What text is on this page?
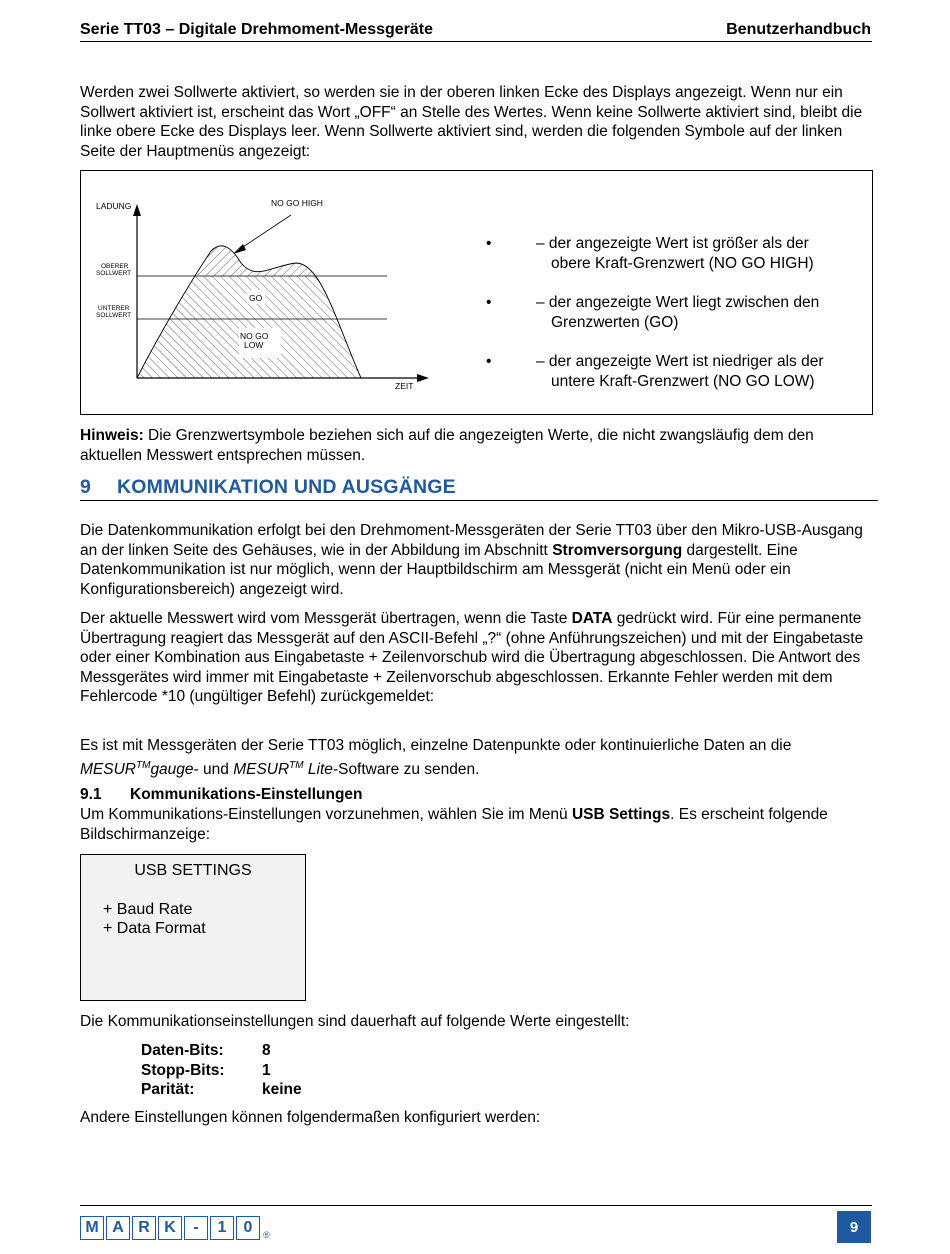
Serie TT03 – Digitale Drehmoment-Messgeräte	Benutzerhandbuch

Werden zwei Sollwerte aktiviert, so werden sie in der oberen linken Ecke des Displays angezeigt. Wenn nur ein Sollwert aktiviert ist, erscheint das Wort „OFF“ an Stelle des Wertes. Wenn keine Sollwerte aktiviert sind, bleibt die linke obere Ecke des Displays leer. Wenn Sollwerte aktiviert sind, werden die folgenden Symbole auf der linken Seite der Hauptmenüs angezeigt:

LADUNG
ZEIT
OBERER
SOLLWERT
UNTERER
SOLLWERT
NO GO HIGH
GO
NO GO
LOW
•	– der angezeigte Wert ist größer als der
obere Kraft-Grenzwert (NO GO HIGH)
•	– der angezeigte Wert liegt zwischen den
Grenzwerten (GO)
•	– der angezeigte Wert ist niedriger als der
untere Kraft-Grenzwert (NO GO LOW)

Hinweis: Die Grenzwertsymbole beziehen sich auf die angezeigten Werte, die nicht zwangsläufig dem den aktuellen Messwert entsprechen müssen.

9 KOMMUNIKATION UND AUSGÄNGE

Die Datenkommunikation erfolgt bei den Drehmoment-Messgeräten der Serie TT03 über den Mikro-USB-Ausgang an der linken Seite des Gehäuses, wie in der Abbildung im Abschnitt Stromversorgung dargestellt. Eine Datenkommunikation ist nur möglich, wenn der Hauptbildschirm am Messgerät (nicht ein Menü oder ein Konfigurationsbereich) angezeigt wird.

Der aktuelle Messwert wird vom Messgerät übertragen, wenn die Taste DATA gedrückt wird. Für eine permanente Übertragung reagiert das Messgerät auf den ASCII-Befehl „?“ (ohne Anführungszeichen) und mit der Eingabetaste oder einer Kombination aus Eingabetaste + Zeilenvorschub wird die Übertragung abgeschlossen. Die Antwort des Messgerätes wird immer mit Eingabetaste + Zeilenvorschub abgeschlossen. Erkannte Fehler werden mit dem Fehlercode *10 (ungültiger Befehl) zurückgemeldet:

Es ist mit Messgeräten der Serie TT03 möglich, einzelne Datenpunkte oder kontinuierliche Daten an die MESUR™gauge- und MESUR™ Lite-Software zu senden.

9.1 Kommunikations-Einstellungen

Um Kommunikations-Einstellungen vorzunehmen, wählen Sie im Menü USB Settings. Es erscheint folgende Bildschirmanzeige:

USB SETTINGS
+ Baud Rate
+ Data Format

Die Kommunikationseinstellungen sind dauerhaft auf folgende Werte eingestellt:

Daten-Bits:	8
Stopp-Bits:	1
Parität:	keine

Andere Einstellungen können folgendermaßen konfiguriert werden:

M A R K	-	1	0	®	9
